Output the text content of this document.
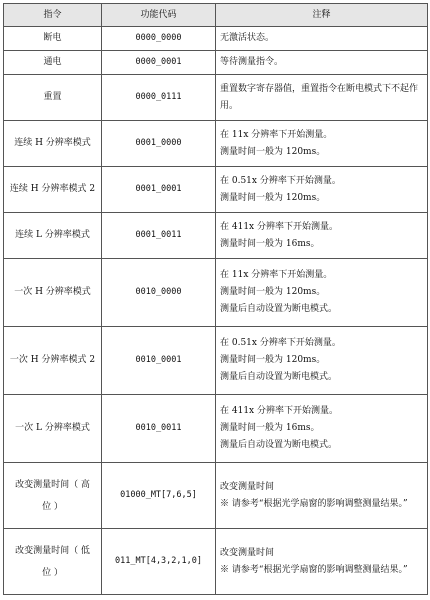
指令	功能代码	注释
断电	0000_0000	无激活状态。

通电	0000_0001	等待测量指令。

重置	0000_0111	重置数字寄存器值，重置指令在断电模式下不起作用。

连续 H 分辨率模式	0001_0000	在 11x 分辨率下开始测量。
测量时间一般为 120ms。

连续 H 分辨率模式 2	0001_0001	在 0.51x 分辨率下开始测量。
测量时间一般为 120ms。

连续 L 分辨率模式	0001_0011	在 411x 分辨率下开始测量。
测量时间一般为 16ms。

一次 H 分辨率模式	0010_0000	在 11x 分辨率下开始测量。
测量时间一般为 120ms。
测量后自动设置为断电模式。

一次 H 分辨率模式 2	0010_0001	在 0.51x 分辨率下开始测量。
测量时间一般为 120ms。
测量后自动设置为断电模式。

一次 L 分辨率模式	0010_0011	在 411x 分辨率下开始测量。
测量时间一般为 16ms。
测量后自动设置为断电模式。

改变测量时间（ 高位 ）	01000_MT[7,6,5]	改变测量时间
※ 请参考“根据光学扇窗的影响调整测量结果。”

改变测量时间（ 低位 ）	011_MT[4,3,2,1,0]	改变测量时间
※ 请参考“根据光学扇窗的影响调整测量结果。”
